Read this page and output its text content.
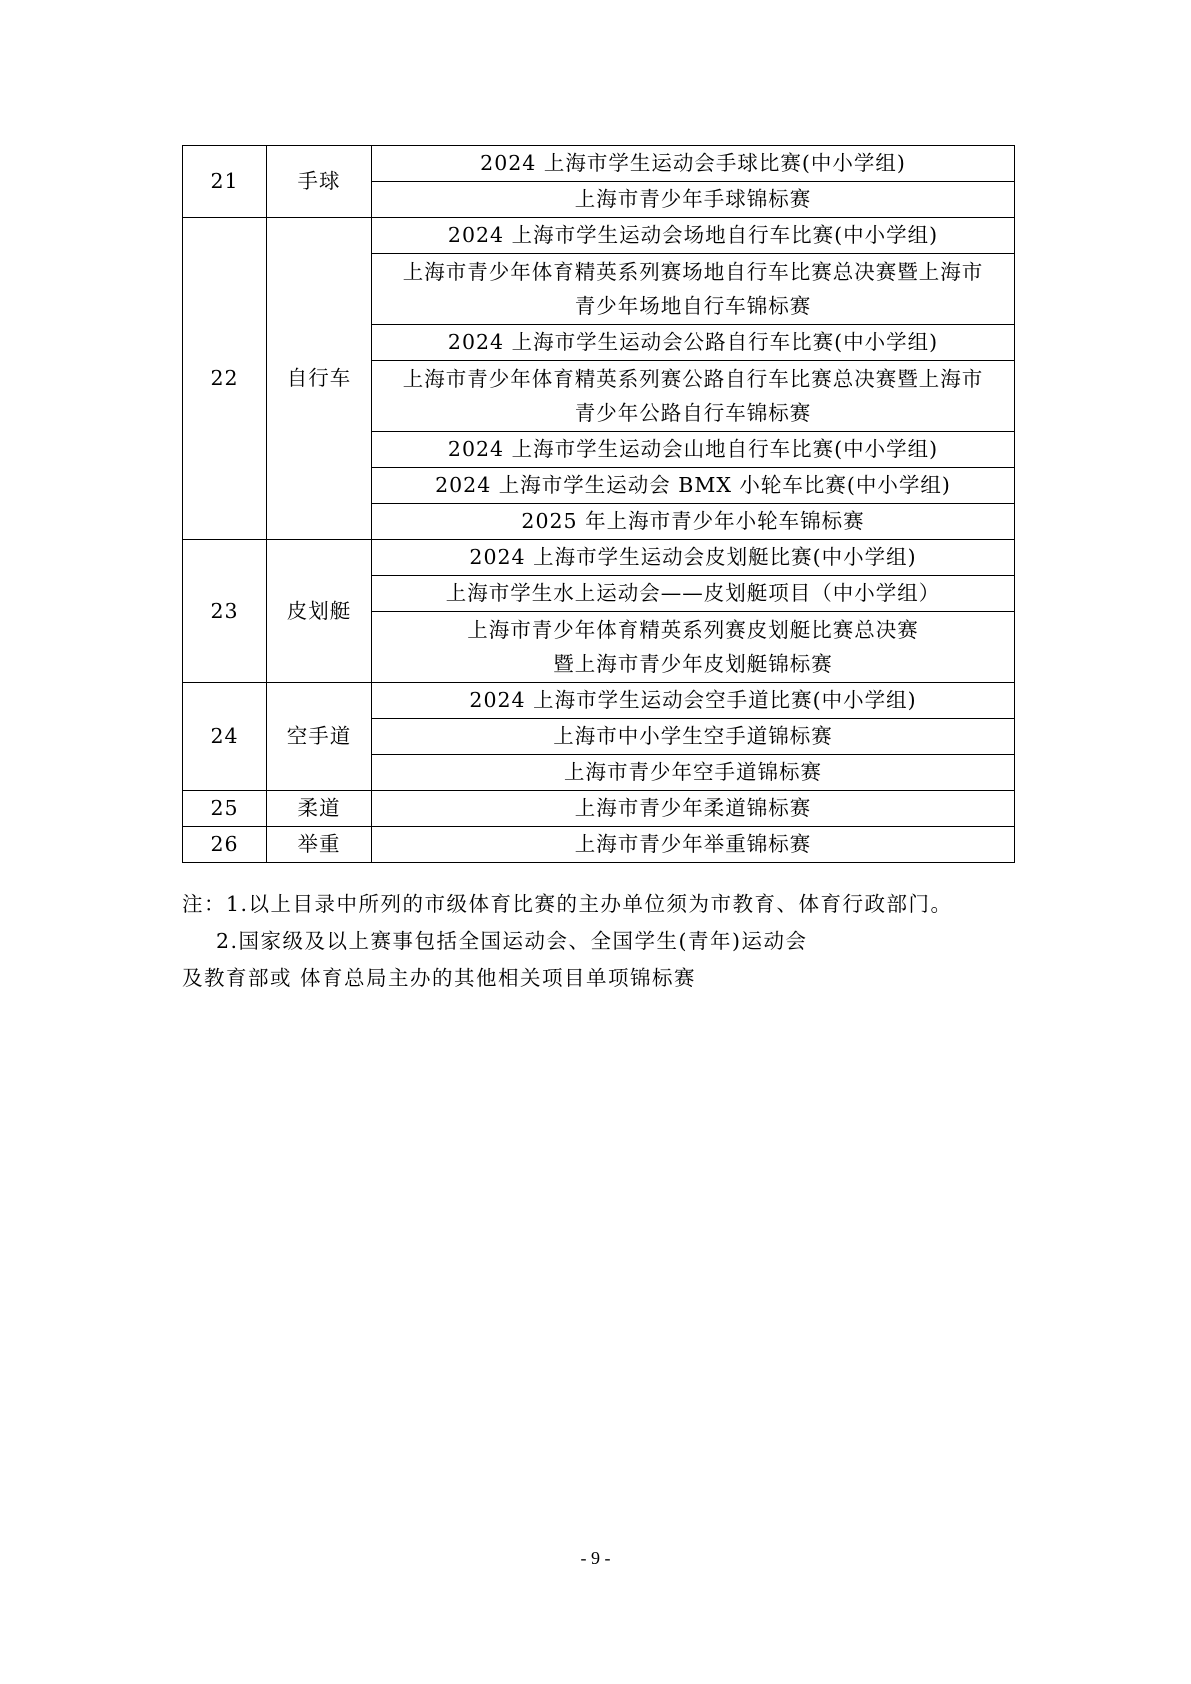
21	手球	2024 上海市学生运动会手球比赛(中小学组)

		上海市青少年手球锦标赛

22	自行车	2024 上海市学生运动会场地自行车比赛(中小学组)

		上海市青少年体育精英系列赛场地自行车比赛总决赛暨上海市
青少年场地自行车锦标赛

		2024 上海市学生运动会公路自行车比赛(中小学组)

		上海市青少年体育精英系列赛公路自行车比赛总决赛暨上海市
青少年公路自行车锦标赛

		2024 上海市学生运动会山地自行车比赛(中小学组)

		2024 上海市学生运动会 BMX 小轮车比赛(中小学组)

		2025 年上海市青少年小轮车锦标赛

23	皮划艇	2024 上海市学生运动会皮划艇比赛(中小学组)

		上海市学生水上运动会——皮划艇项目（中小学组）

		上海市青少年体育精英系列赛皮划艇比赛总决赛
暨上海市青少年皮划艇锦标赛

24	空手道	2024 上海市学生运动会空手道比赛(中小学组)

		上海市中小学生空手道锦标赛

		上海市青少年空手道锦标赛

25	柔道	上海市青少年柔道锦标赛

26	举重	上海市青少年举重锦标赛
注：1.以上目录中所列的市级体育比赛的主办单位须为市教育、体育行政部门。
2.国家级及以上赛事包括全国运动会、全国学生(青年)运动会
及教育部或 体育总局主办的其他相关项目单项锦标赛
- 9 -
